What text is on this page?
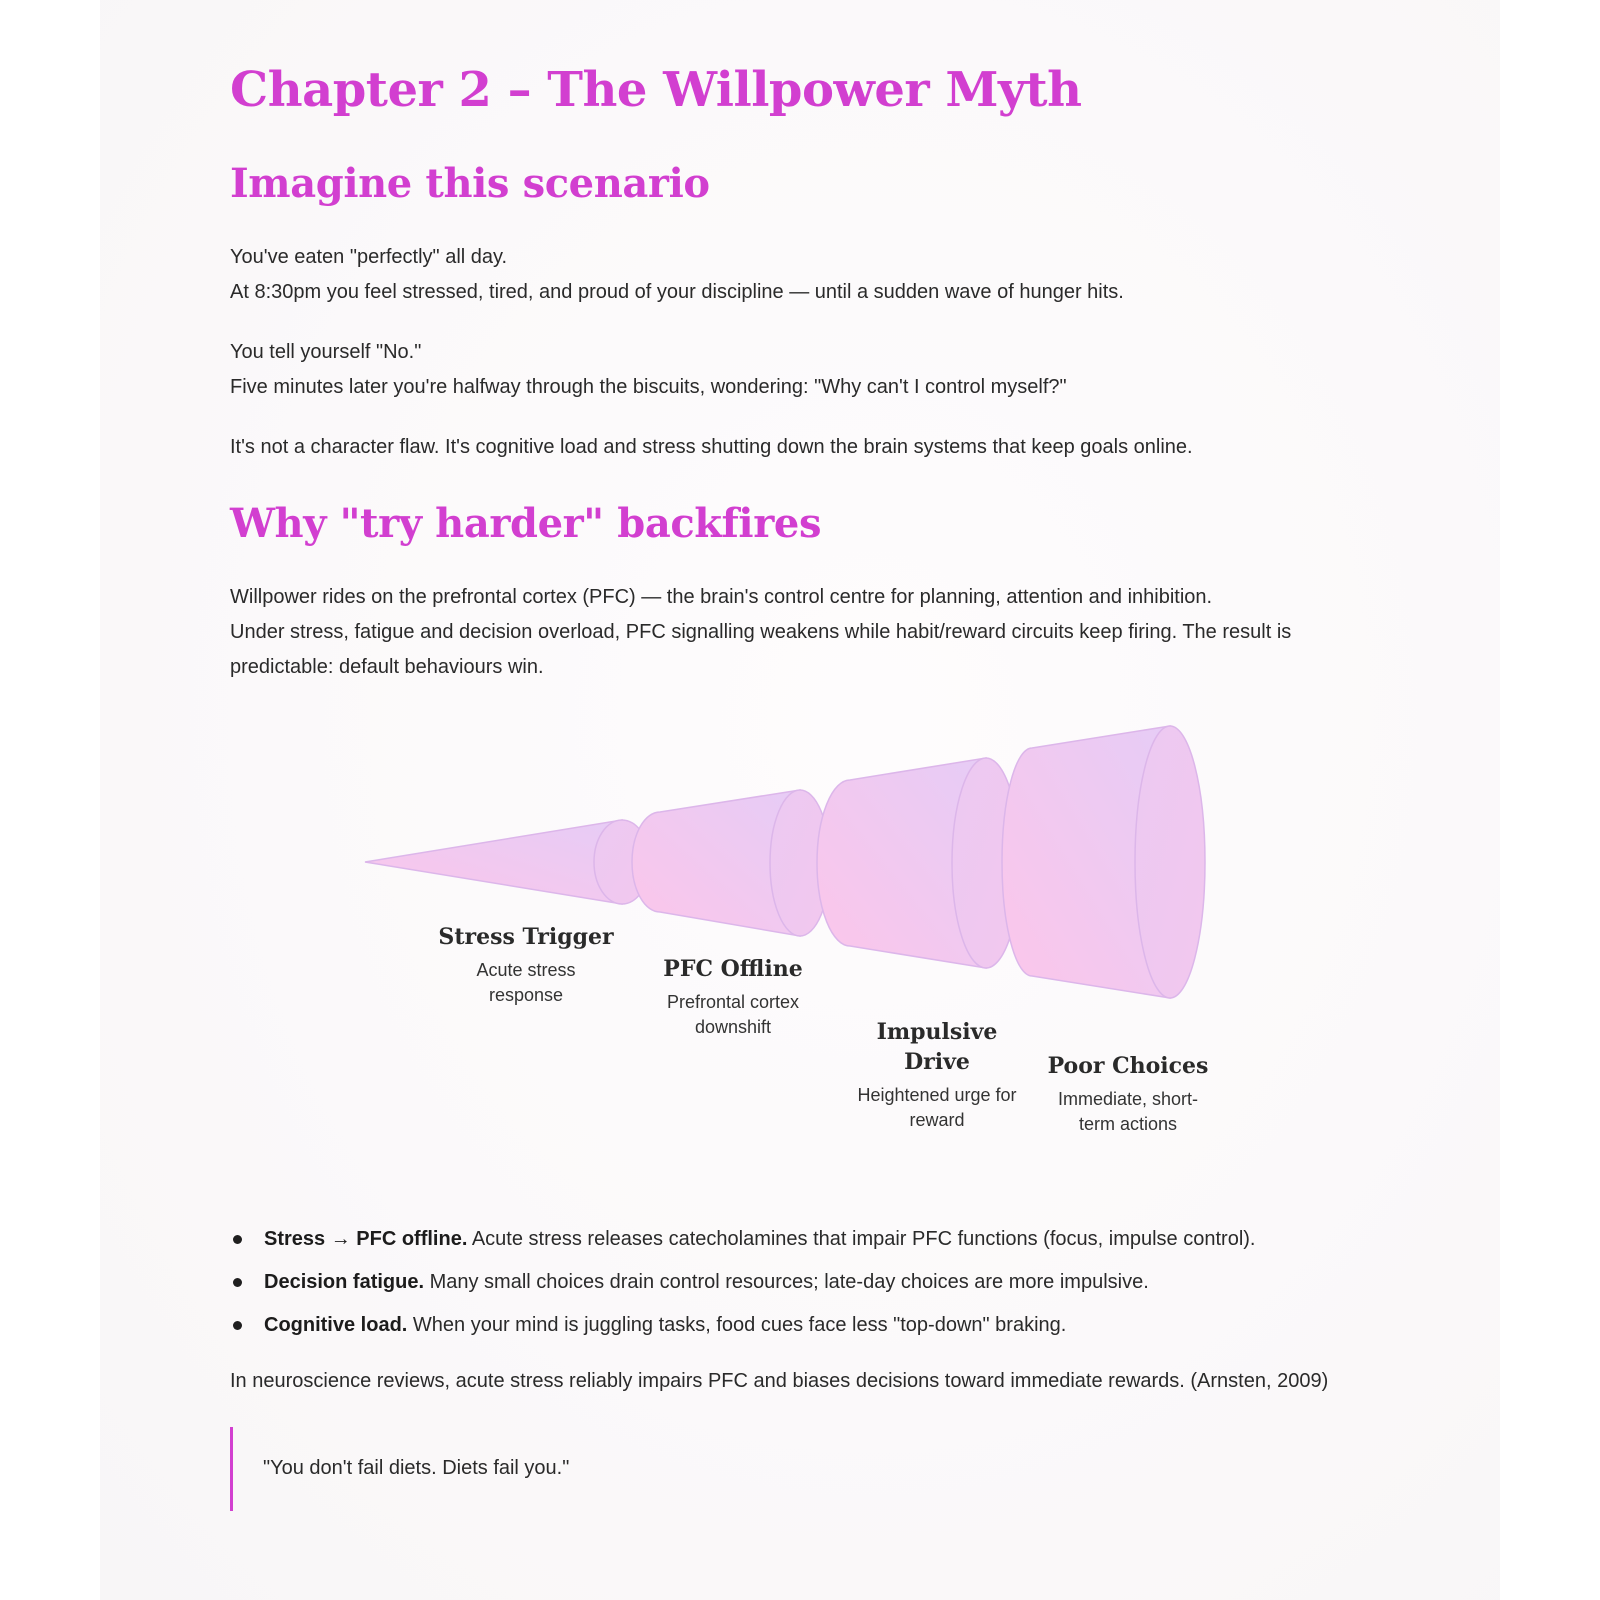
Chapter 2 – The Willpower Myth
Imagine this scenario
You've eaten "perfectly" all day.
At 8:30pm you feel stressed, tired, and proud of your discipline — until a sudden wave of hunger hits.
You tell yourself "No."
Five minutes later you're halfway through the biscuits, wondering: "Why can't I control myself?"
It's not a character flaw. It's cognitive load and stress shutting down the brain systems that keep goals online.
Why "try harder" backfires
Willpower rides on the prefrontal cortex (PFC) — the brain's control centre for planning, attention and inhibition.
Under stress, fatigue and decision overload, PFC signalling weakens while habit/reward circuits keep firing. The result is
predictable: default behaviours win.
Stress → PFC offline. Acute stress releases catecholamines that impair PFC functions (focus, impulse control).
Decision fatigue. Many small choices drain control resources; late-day choices are more impulsive.
Cognitive load. When your mind is juggling tasks, food cues face less "top-down" braking.
In neuroscience reviews, acute stress reliably impairs PFC and biases decisions toward immediate rewards. (Arnsten, 2009)
"You don't fail diets. Diets fail you."
Stress Trigger
Acute stress
response
PFC Offline
Prefrontal cortex
downshift	Impulsive
Drive
Heightened urge for
reward
Poor Choices
Immediate, short-
term actions
